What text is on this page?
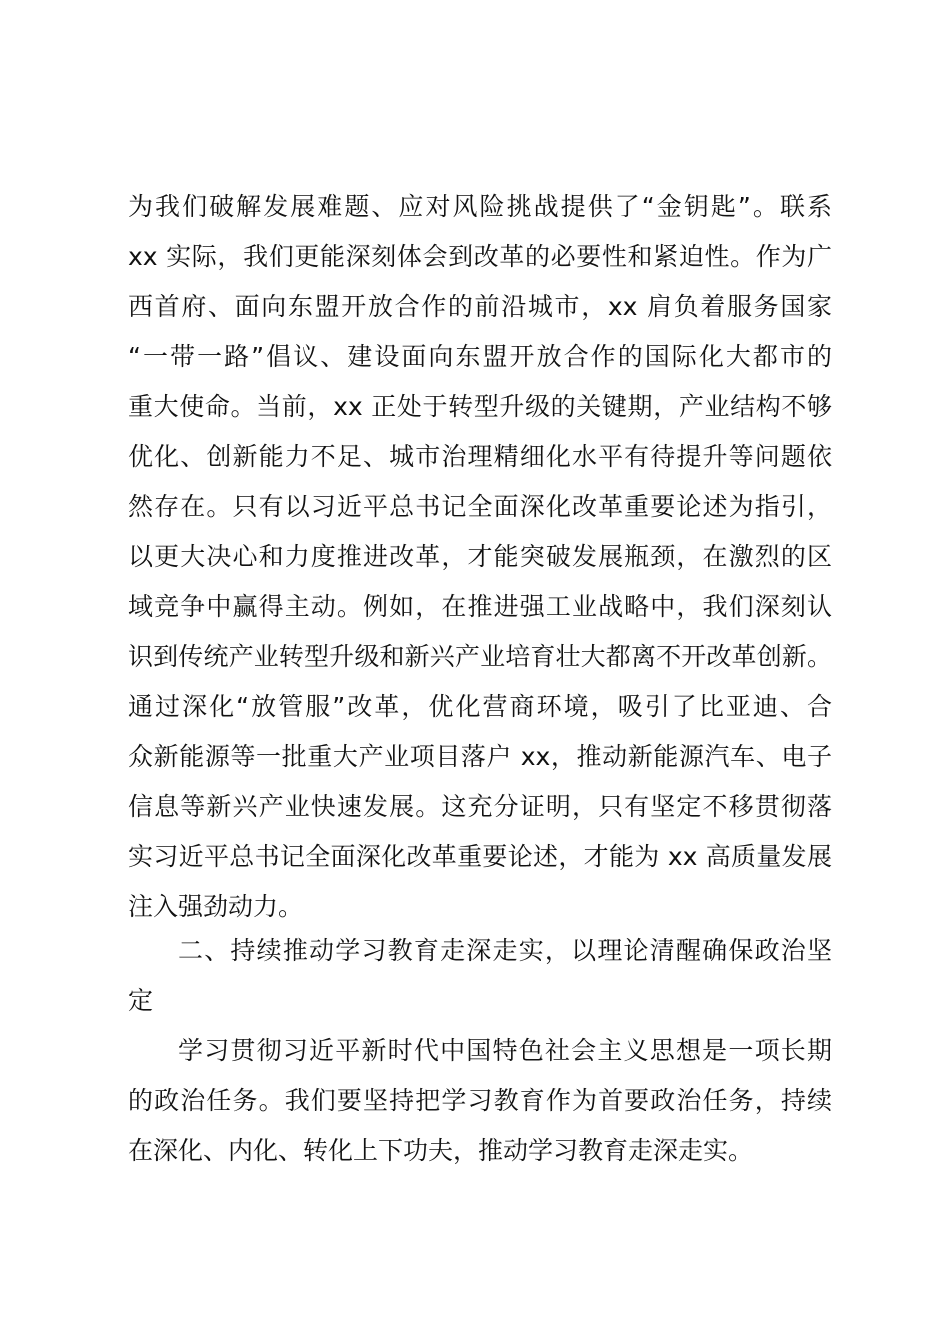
为我们破解发展难题、应对风险挑战提供了“金钥匙”。联系
xx 实际，我们更能深刻体会到改革的必要性和紧迫性。作为广
西首府、面向东盟开放合作的前沿城市，xx 肩负着服务国家
“一带一路”倡议、建设面向东盟开放合作的国际化大都市的
重大使命。当前，xx 正处于转型升级的关键期，产业结构不够
优化、创新能力不足、城市治理精细化水平有待提升等问题依
然存在。只有以习近平总书记全面深化改革重要论述为指引，
以更大决心和力度推进改革，才能突破发展瓶颈，在激烈的区
域竞争中赢得主动。例如，在推进强工业战略中，我们深刻认
识到传统产业转型升级和新兴产业培育壮大都离不开改革创新。
通过深化“放管服”改革，优化营商环境，吸引了比亚迪、合
众新能源等一批重大产业项目落户 xx，推动新能源汽车、电子
信息等新兴产业快速发展。这充分证明，只有坚定不移贯彻落
实习近平总书记全面深化改革重要论述，才能为 xx 高质量发展
注入强劲动力。
二、持续推动学习教育走深走实，以理论清醒确保政治坚
定
学习贯彻习近平新时代中国特色社会主义思想是一项长期
的政治任务。我们要坚持把学习教育作为首要政治任务，持续
在深化、内化、转化上下功夫，推动学习教育走深走实。
